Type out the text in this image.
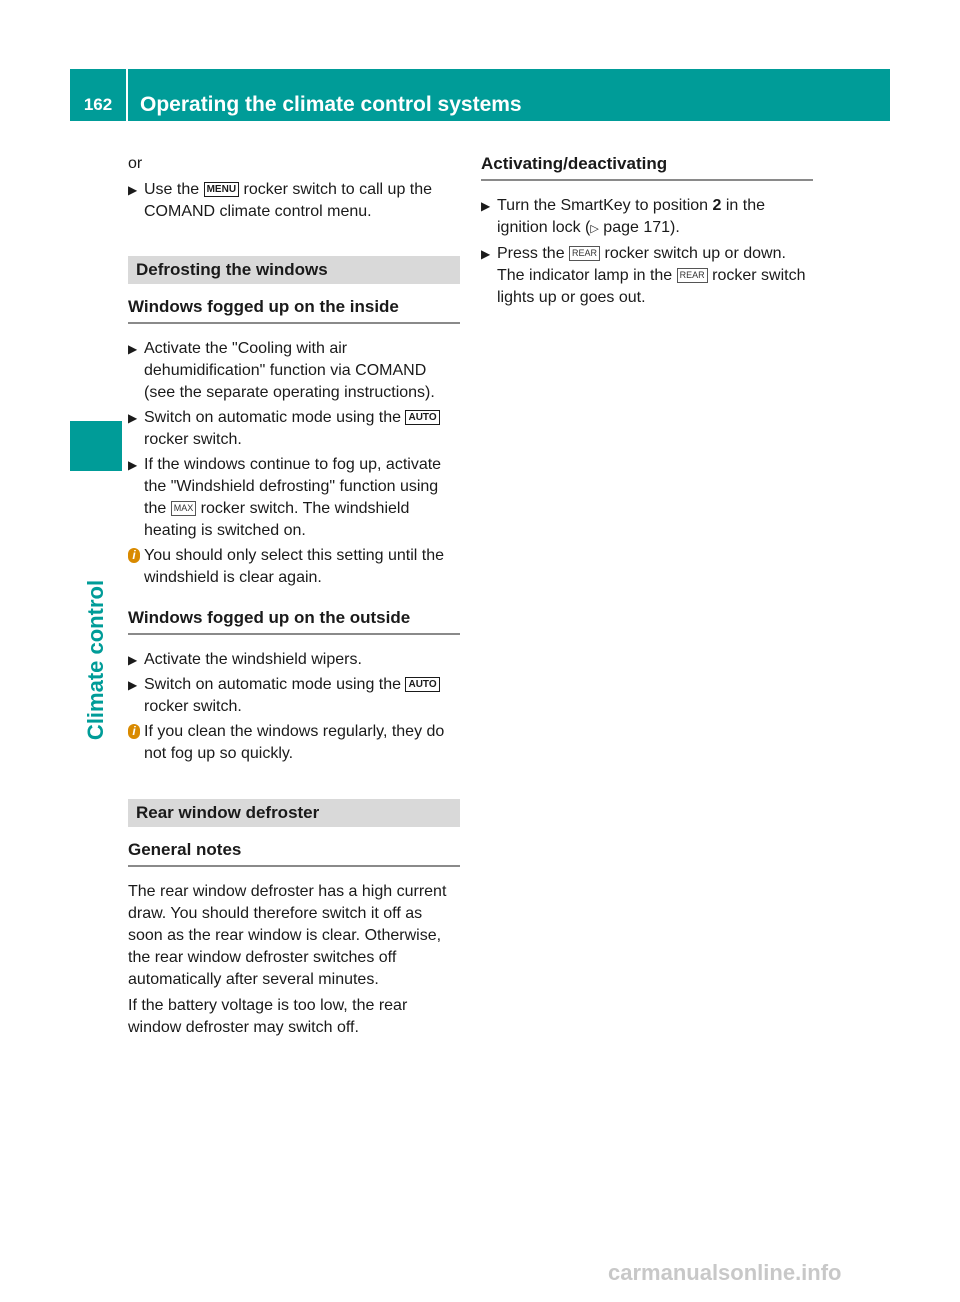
162	Operating the climate control systems
Climate control

or

▶ Use the MENU rocker switch to call up the COMAND climate control menu.
Defrosting the windows
Windows fogged up on the inside
▶ Activate the "Cooling with air dehumidification" function via COMAND (see the separate operating instructions).
▶ Switch on automatic mode using the AUTO rocker switch.
▶ If the windows continue to fog up, activate the "Windshield defrosting" function using the MAX rocker switch. The windshield heating is switched on.
i You should only select this setting until the windshield is clear again.
Windows fogged up on the outside
▶ Activate the windshield wipers.
▶ Switch on automatic mode using the AUTO rocker switch.
i If you clean the windows regularly, they do not fog up so quickly.
Rear window defroster
General notes

The rear window defroster has a high current draw. You should therefore switch it off as soon as the rear window is clear. Otherwise, the rear window defroster switches off automatically after several minutes.

If the battery voltage is too low, the rear window defroster may switch off.

Activating/deactivating
▶ Turn the SmartKey to position 2 in the ignition lock (▷ page 171).
▶ Press the REAR rocker switch up or down. The indicator lamp in the REAR rocker switch lights up or goes out.
carmanualsonline.info
